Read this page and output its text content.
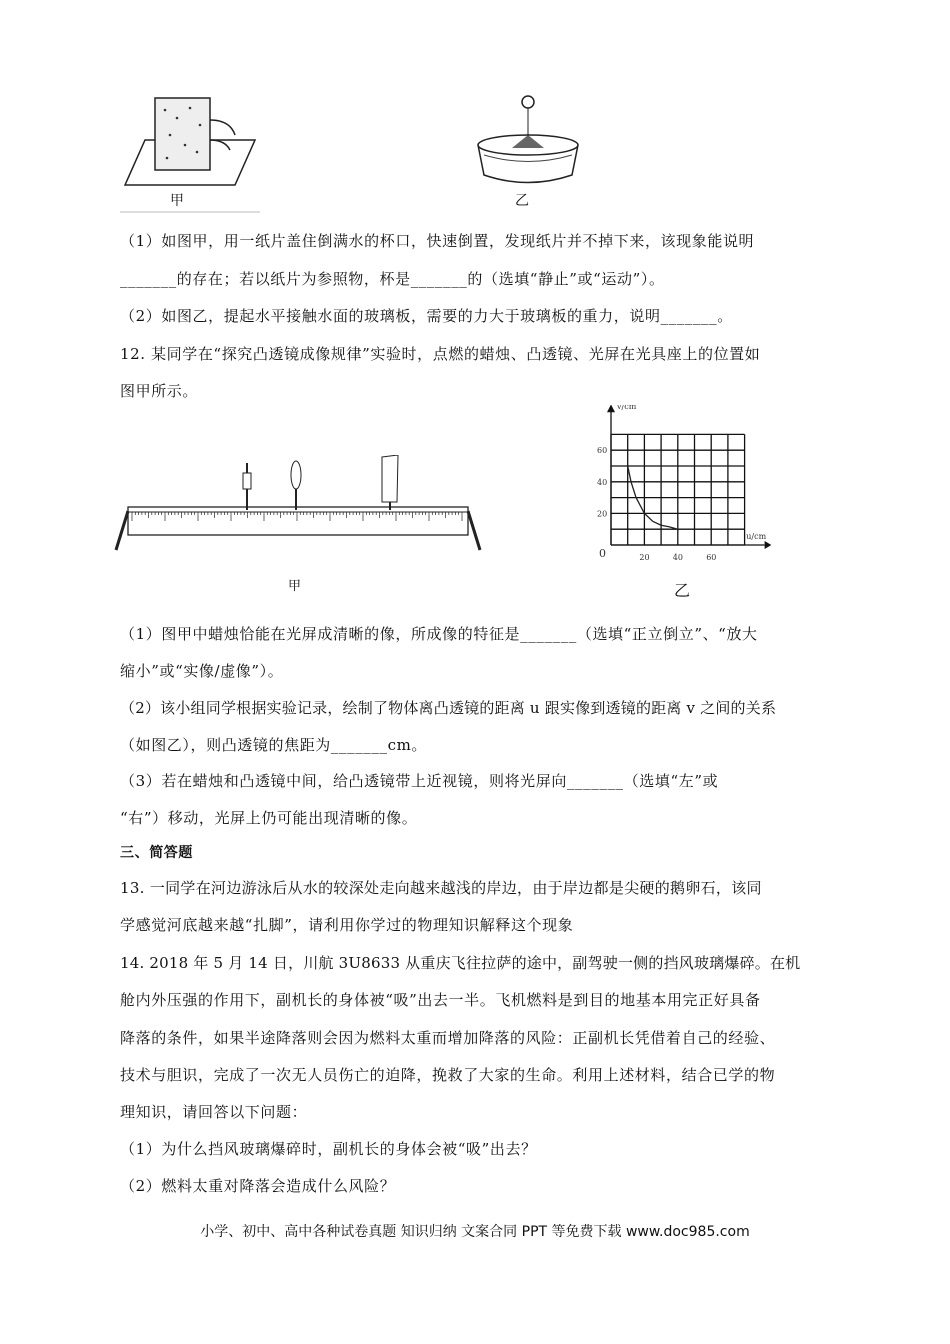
甲	乙
（1）如图甲，用一纸片盖住倒满水的杯口，快速倒置，发现纸片并不掉下来，该现象能说明
_______的存在；若以纸片为参照物，杯是_______的（选填“静止”或“运动”）。
（2）如图乙，提起水平接触水面的玻璃板，需要的力大于玻璃板的重力，说明_______。
12. 某同学在“探究凸透镜成像规律”实验时，点燃的蜡烛、凸透镜、光屏在光具座上的位置如
图甲所示。
甲
20	40	60
20
40
60
0
u/cm
v/cm
乙
（1）图甲中蜡烛恰能在光屏成清晰的像，所成像的特征是_______（选填“正立倒立”、“放大
缩小”或“实像/虚像”）。
（2）该小组同学根据实验记录，绘制了物体离凸透镜的距离 u 跟实像到透镜的距离 v 之间的关系
（如图乙），则凸透镜的焦距为_______cm。
（3）若在蜡烛和凸透镜中间，给凸透镜带上近视镜，则将光屏向_______（选填“左”或
“右”）移动，光屏上仍可能出现清晰的像。
三、简答题
13. 一同学在河边游泳后从水的较深处走向越来越浅的岸边，由于岸边都是尖硬的鹅卵石，该同
学感觉河底越来越“扎脚”，请利用你学过的物理知识解释这个现象
14. 2018 年 5 月 14 日，川航 3U8633 从重庆飞往拉萨的途中，副驾驶一侧的挡风玻璃爆碎。在机
舱内外压强的作用下，副机长的身体被“吸”出去一半。飞机燃料是到目的地基本用完正好具备
降落的条件，如果半途降落则会因为燃料太重而增加降落的风险：正副机长凭借着自己的经验、
技术与胆识，完成了一次无人员伤亡的迫降，挽救了大家的生命。利用上述材料，结合已学的物
理知识，请回答以下问题：
（1）为什么挡风玻璃爆碎时，副机长的身体会被“吸”出去？
（2）燃料太重对降落会造成什么风险？
小学、初中、高中各种试卷真题 知识归纳 文案合同 PPT 等免费下载 www.doc985.com
